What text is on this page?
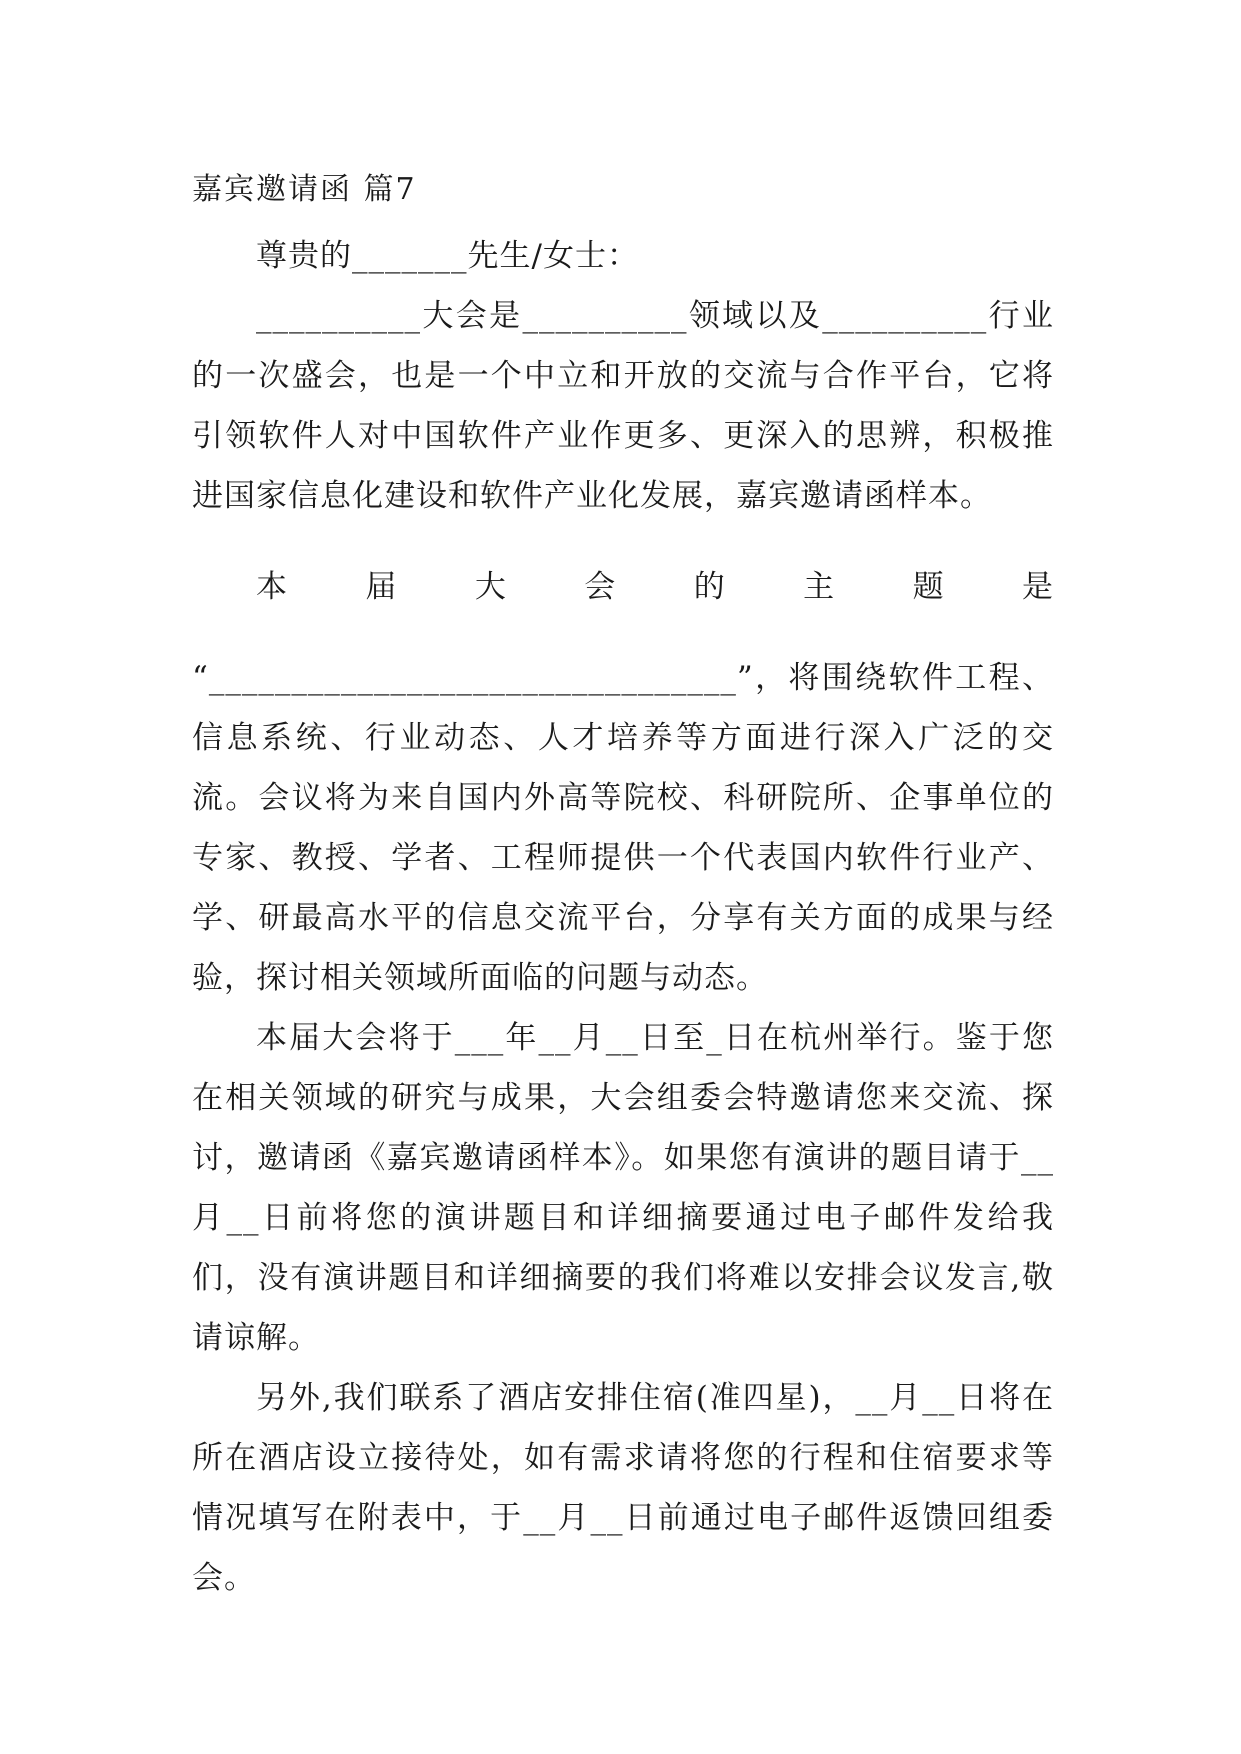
嘉宾邀请函 篇7

尊贵的_______先生/女士：

__________大会是__________领域以及__________行业的一次盛会，也是一个中立和开放的交流与合作平台，它将引领软件人对中国软件产业作更多、更深入的思辨，积极推进国家信息化建设和软件产业化发展，嘉宾邀请函样本。

本届大会的主题是

“________________________________”，将围绕软件工程、信息系统、行业动态、人才培养等方面进行深入广泛的交流。会议将为来自国内外高等院校、科研院所、企事单位的专家、教授、学者、工程师提供一个代表国内软件行业产、学、研最高水平的信息交流平台，分享有关方面的成果与经验，探讨相关领域所面临的问题与动态。

本届大会将于___年__月__日至_日在杭州举行。鉴于您在相关领域的研究与成果，大会组委会特邀请您来交流、探讨，邀请函《嘉宾邀请函样本》。如果您有演讲的题目请于__月__日前将您的演讲题目和详细摘要通过电子邮件发给我们，没有演讲题目和详细摘要的我们将难以安排会议发言,敬请谅解。

另外,我们联系了酒店安排住宿(准四星)，__月__日将在所在酒店设立接待处，如有需求请将您的行程和住宿要求等情况填写在附表中，于__月__日前通过电子邮件返馈回组委会。
